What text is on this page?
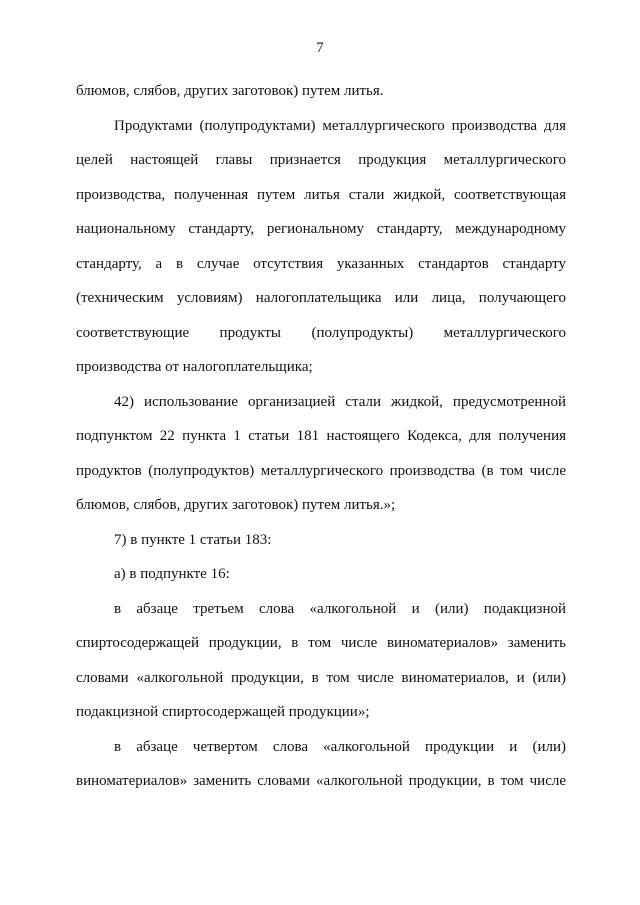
7
блюмов, слябов, других заготовок) путем литья.
Продуктами (полупродуктами) металлургического производства для
целей настоящей главы признается продукция металлургического
производства, полученная путем литья стали жидкой, соответствующая
национальному стандарту, региональному стандарту, международному
стандарту, а в случае отсутствия указанных стандартов стандарту
(техническим условиям) налогоплательщика или лица, получающего
соответствующие продукты (полупродукты) металлургического
производства от налогоплательщика;
42) использование организацией стали жидкой, предусмотренной
подпунктом 22 пункта 1 статьи 181 настоящего Кодекса, для получения
продуктов (полупродуктов) металлургического производства (в том числе
блюмов, слябов, других заготовок) путем литья.»;
7) в пункте 1 статьи 183:
а) в подпункте 16:
в абзаце третьем слова «алкогольной и (или) подакцизной
спиртосодержащей продукции, в том числе виноматериалов» заменить
словами «алкогольной продукции, в том числе виноматериалов, и (или)
подакцизной спиртосодержащей продукции»;
в абзаце четвертом слова «алкогольной продукции и (или)
виноматериалов» заменить словами «алкогольной продукции, в том числе
